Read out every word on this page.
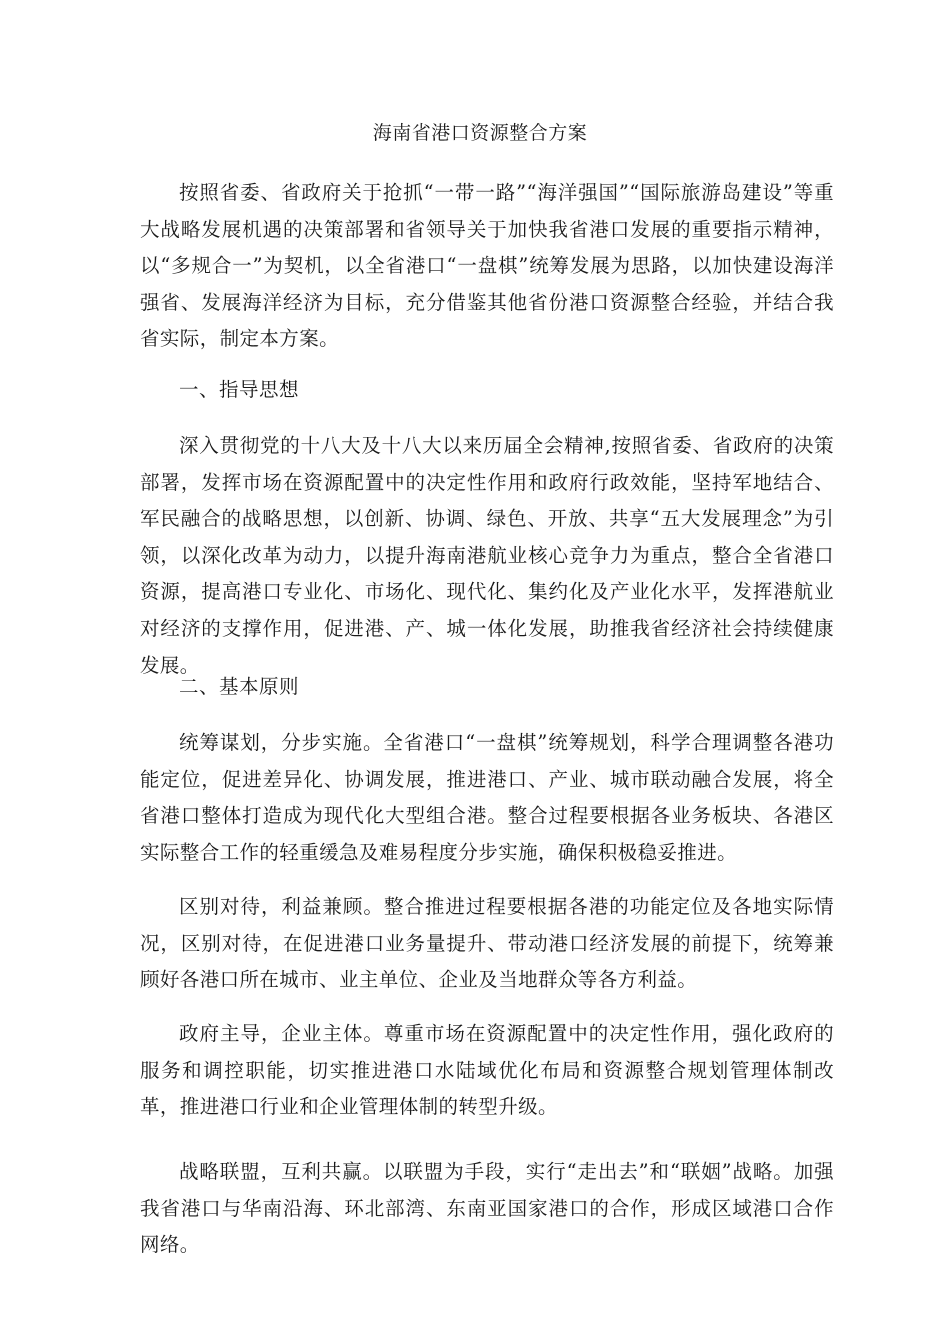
海南省港口资源整合方案

按照省委、省政府关于抢抓“一带一路”“海洋强国”“国际旅游岛建设”等重大战略发展机遇的决策部署和省领导关于加快我省港口发展的重要指示精神，以“多规合一”为契机，以全省港口“一盘棋”统筹发展为思路，以加快建设海洋强省、发展海洋经济为目标，充分借鉴其他省份港口资源整合经验，并结合我省实际，制定本方案。

一、指导思想

深入贯彻党的十八大及十八大以来历届全会精神,按照省委、省政府的决策部署，发挥市场在资源配置中的决定性作用和政府行政效能，坚持军地结合、军民融合的战略思想，以创新、协调、绿色、开放、共享“五大发展理念”为引领，以深化改革为动力，以提升海南港航业核心竞争力为重点，整合全省港口资源，提高港口专业化、市场化、现代化、集约化及产业化水平，发挥港航业对经济的支撑作用，促进港、产、城一体化发展，助推我省经济社会持续健康发展。

二、基本原则

统筹谋划，分步实施。全省港口“一盘棋”统筹规划，科学合理调整各港功能定位，促进差异化、协调发展，推进港口、产业、城市联动融合发展，将全省港口整体打造成为现代化大型组合港。整合过程要根据各业务板块、各港区实际整合工作的轻重缓急及难易程度分步实施，确保积极稳妥推进。

区别对待，利益兼顾。整合推进过程要根据各港的功能定位及各地实际情况，区别对待，在促进港口业务量提升、带动港口经济发展的前提下，统筹兼顾好各港口所在城市、业主单位、企业及当地群众等各方利益。

政府主导，企业主体。尊重市场在资源配置中的决定性作用，强化政府的服务和调控职能，切实推进港口水陆域优化布局和资源整合规划管理体制改革，推进港口行业和企业管理体制的转型升级。

战略联盟，互利共赢。以联盟为手段，实行“走出去”和“联姻”战略。加强我省港口与华南沿海、环北部湾、东南亚国家港口的合作，形成区域港口合作网络。
